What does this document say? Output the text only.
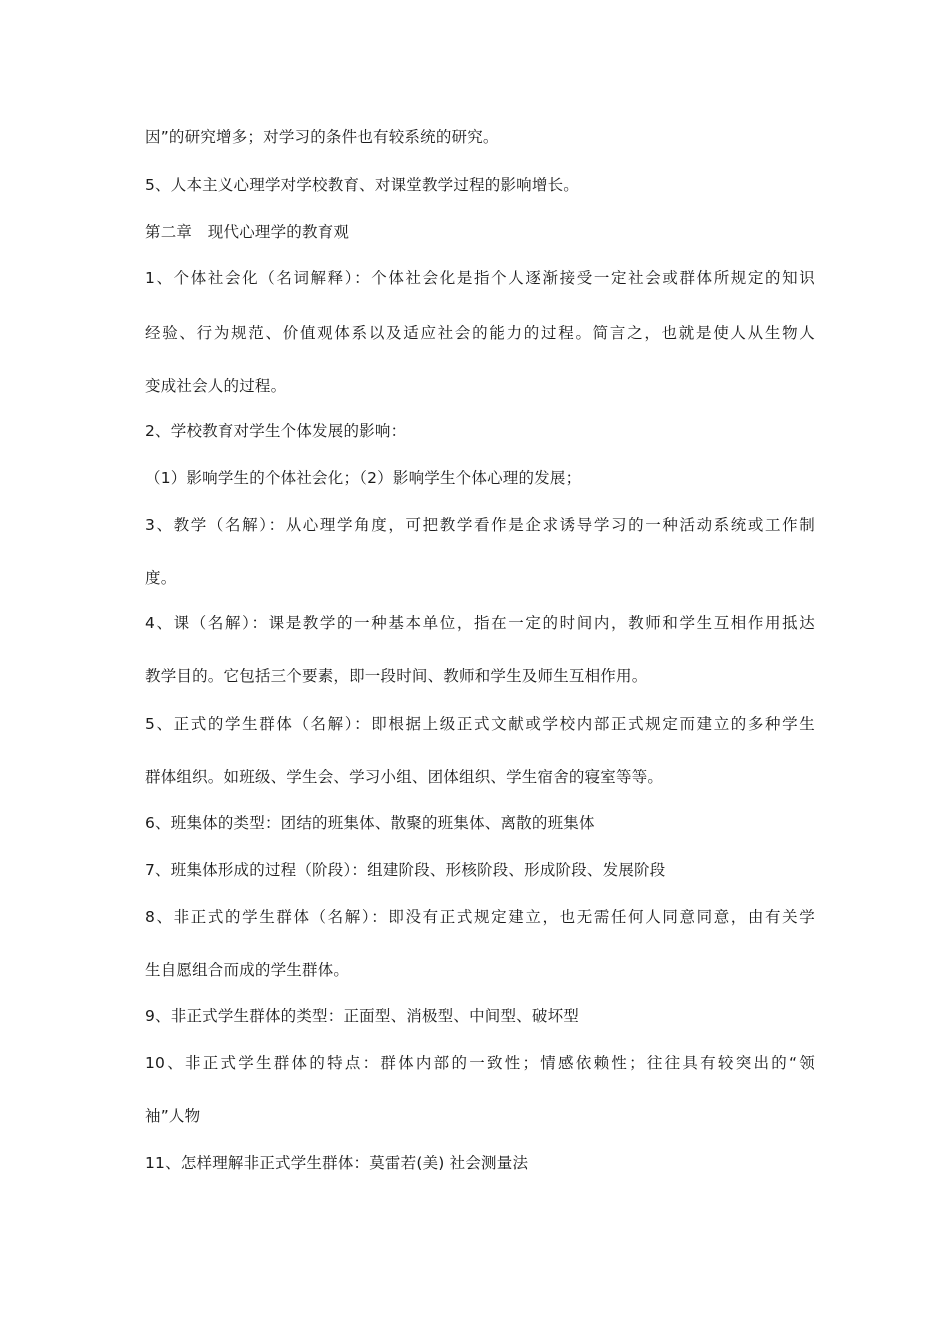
因”的研究增多；对学习的条件也有较系统的研究。
5、人本主义心理学对学校教育、对课堂教学过程的影响增长。
第二章　现代心理学的教育观
1、个体社会化（名词解释）：个体社会化是指个人逐渐接受一定社会或群体所规定的知识
经验、行为规范、价值观体系以及适应社会的能力的过程。简言之，也就是使人从生物人
变成社会人的过程。
2、学校教育对学生个体发展的影响：
（1）影响学生的个体社会化；（2）影响学生个体心理的发展；
3、教学（名解）：从心理学角度，可把教学看作是企求诱导学习的一种活动系统或工作制
度。
4、课（名解）：课是教学的一种基本单位，指在一定的时间内，教师和学生互相作用抵达
教学目的。它包括三个要素，即一段时间、教师和学生及师生互相作用。
5、正式的学生群体（名解）：即根据上级正式文献或学校内部正式规定而建立的多种学生
群体组织。如班级、学生会、学习小组、团体组织、学生宿舍的寝室等等。
6、班集体的类型：团结的班集体、散聚的班集体、离散的班集体
7、班集体形成的过程（阶段）：组建阶段、形核阶段、形成阶段、发展阶段
8、非正式的学生群体（名解）：即没有正式规定建立，也无需任何人同意同意，由有关学
生自愿组合而成的学生群体。
9、非正式学生群体的类型：正面型、消极型、中间型、破坏型
10、非正式学生群体的特点：群体内部的一致性；情感依赖性；往往具有较突出的“领
袖”人物
11、怎样理解非正式学生群体：莫雷若(美) 社会测量法
